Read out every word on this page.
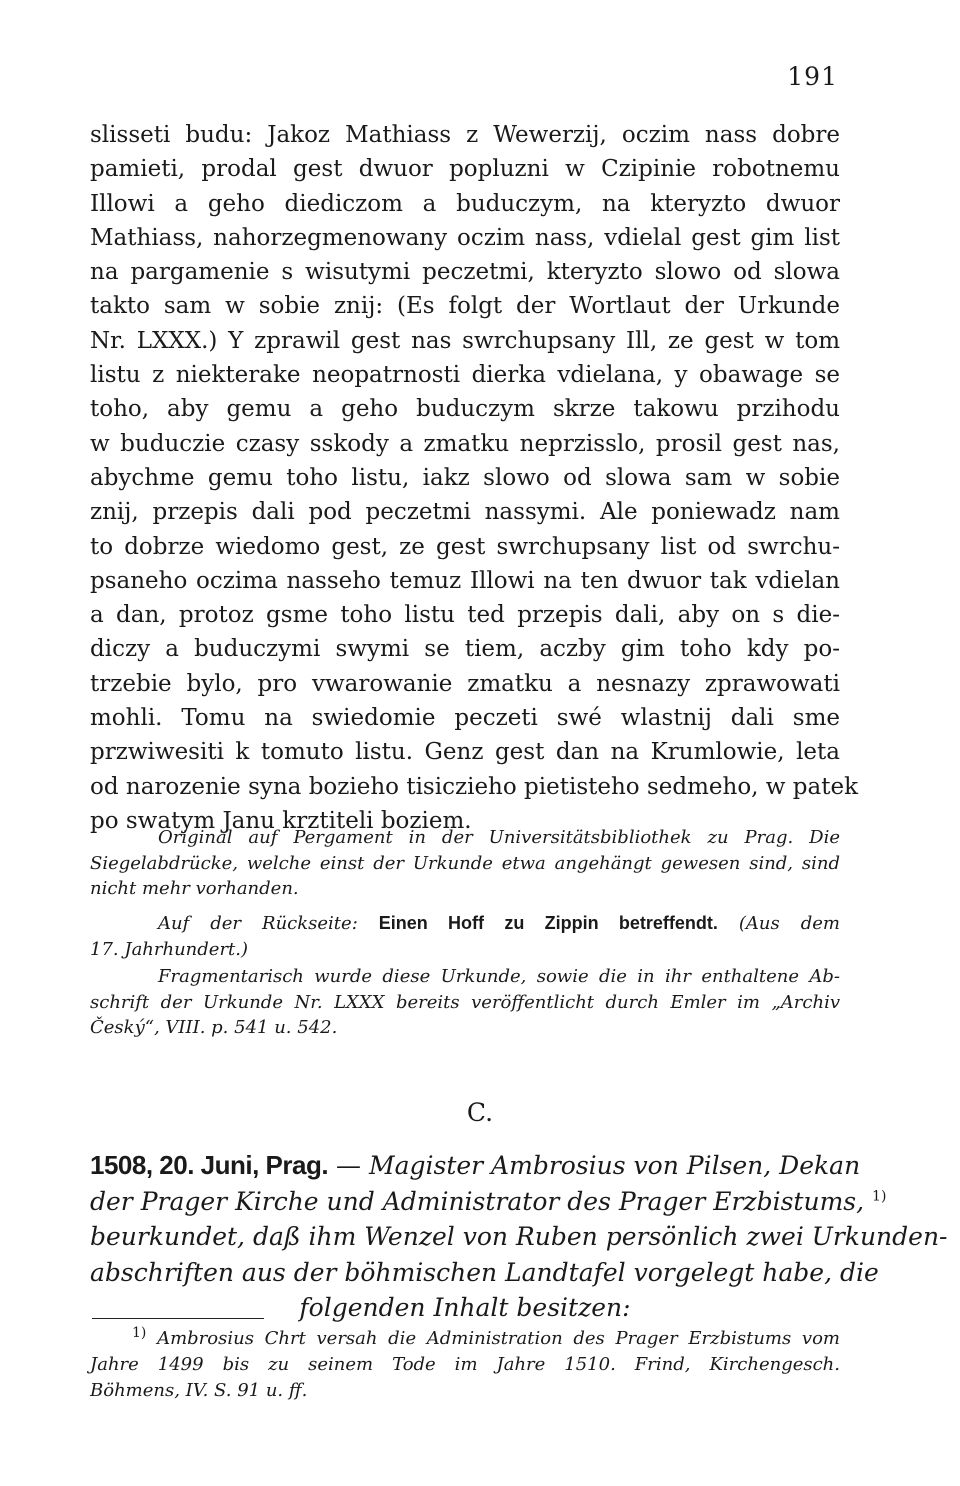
191
slisseti budu: Jakoz Mathiass z Wewerzij, oczim nass dobre
pamieti, prodal gest dwuor popluzni w Czipinie robotnemu
Illowi a geho diediczom a buduczym, na kteryzto dwuor
Mathiass, nahorzegmenowany oczim nass, vdielal gest gim list
na pargamenie s wisutymi peczetmi, kteryzto slowo od slowa
takto sam w sobie znij: (Es folgt der Wortlaut der Urkunde
Nr. LXXX.) Y zprawil gest nas swrchupsany Ill, ze gest w tom
listu z niekterake neopatrnosti dierka vdielana, y obawage se
toho, aby gemu a geho buduczym skrze takowu przihodu
w buduczie czasy sskody a zmatku neprzisslo, prosil gest nas,
abychme gemu toho listu, iakz slowo od slowa sam w sobie
znij, przepis dali pod peczetmi nassymi. Ale poniewadz nam
to dobrze wiedomo gest, ze gest swrchupsany list od swrchu-
psaneho oczima nasseho temuz Illowi na ten dwuor tak vdielan
a dan, protoz gsme toho listu ted przepis dali, aby on s die-
diczy a buduczymi swymi se tiem, aczby gim toho kdy po-
trzebie bylo, pro vwarowanie zmatku a nesnazy zprawowati
mohli. Tomu na swiedomie peczeti swé wlastnij dali sme
przwiwesiti k tomuto listu. Genz gest dan na Krumlowie, leta
od narozenie syna bozieho tisiczieho pietisteho sedmeho, w patek
po swatym Janu krztiteli boziem.
Original auf Pergament in der Universitätsbibliothek zu Prag. Die
Siegelabdrücke, welche einst der Urkunde etwa angehängt gewesen sind, sind
nicht mehr vorhanden.
Auf der Rückseite: Einen Hoff zu Zippin betreffendt. (Aus dem
17. Jahrhundert.)
Fragmentarisch wurde diese Urkunde, sowie die in ihr enthaltene Ab-
schrift der Urkunde Nr. LXXX bereits veröffentlicht durch Emler im „Archiv
Český“, VIII. p. 541 u. 542.
C.
1508, 20. Juni, Prag. — Magister Ambrosius von Pilsen, Dekan
der Prager Kirche und Administrator des Prager Erzbistums, $^{1)}$
beurkundet, daß ihm Wenzel von Ruben persönlich zwei Urkunden-
abschriften aus der böhmischen Landtafel vorgelegt habe, die
folgenden Inhalt besitzen:
$^{1)}$ Ambrosius Chrt versah die Administration des Prager Erzbistums vom
Jahre 1499 bis zu seinem Tode im Jahre 1510. Frind, Kirchengesch.
Böhmens, IV. S. 91 u. ff.
